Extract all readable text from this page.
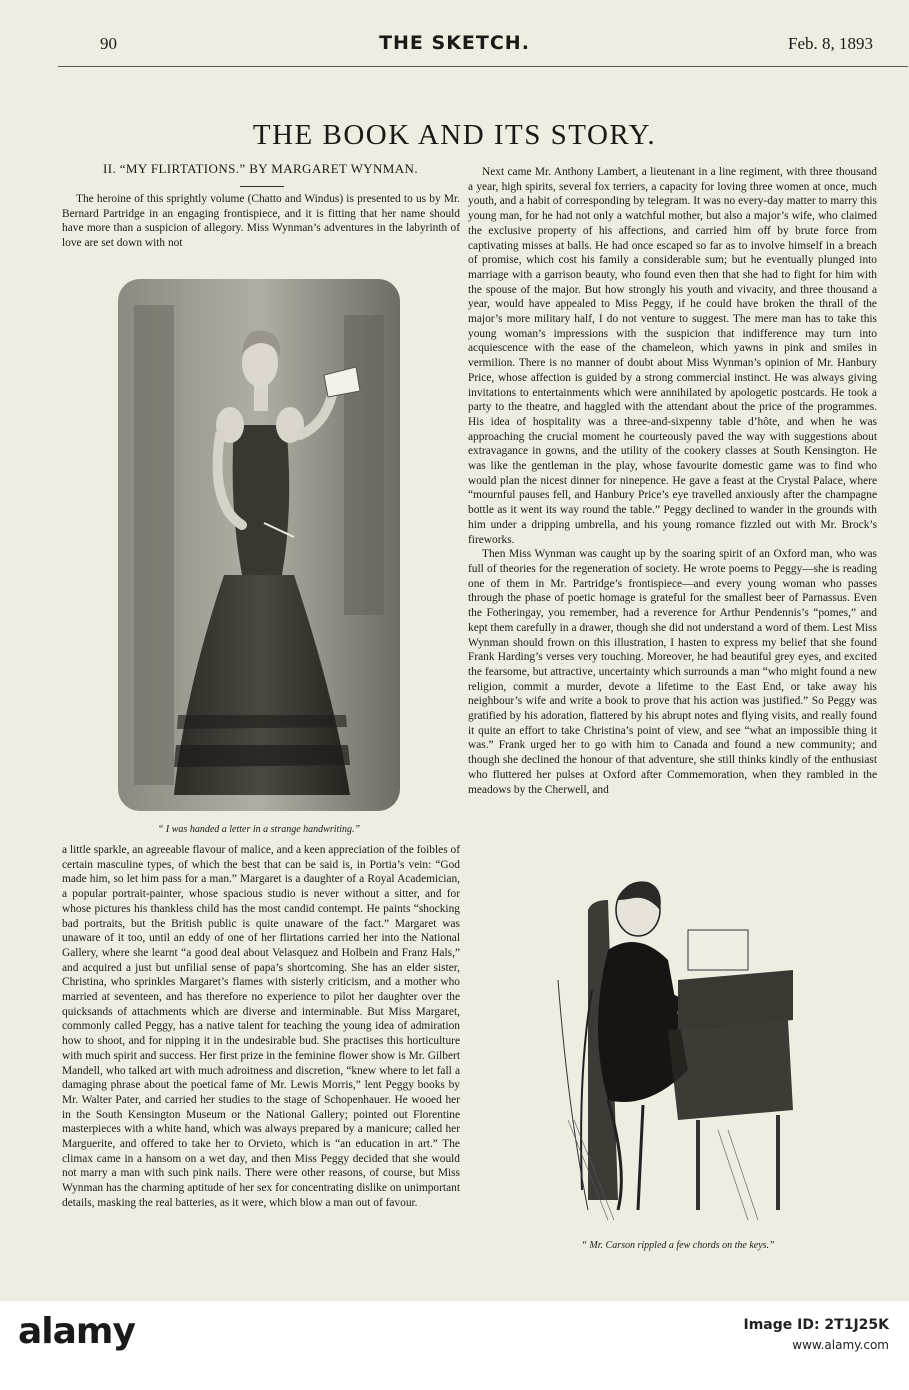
90	THE SKETCH.	Feb. 8, 1893
THE BOOK AND ITS STORY.
II. “MY FLIRTATIONS.” BY MARGARET WYNMAN.

The heroine of this sprightly volume (Chatto and Windus) is presented to us by Mr. Bernard Partridge in an engaging frontispiece, and it is fitting that her name should have more than a suspicion of allegory. Miss Wynman’s adventures in the labyrinth of love are set down with not

“ I was handed a letter in a strange handwriting.”

a little sparkle, an agreeable flavour of malice, and a keen appreciation of the foibles of certain masculine types, of which the best that can be said is, in Portia’s vein: “God made him, so let him pass for a man.” Margaret is a daughter of a Royal Academician, a popular portrait-painter, whose spacious studio is never without a sitter, and for whose pictures his thankless child has the most candid contempt. He paints “shocking bad portraits, but the British public is quite unaware of the fact.” Margaret was unaware of it too, until an eddy of one of her flirtations carried her into the National Gallery, where she learnt “a good deal about Velasquez and Holbein and Franz Hals,” and acquired a just but unfilial sense of papa’s shortcoming. She has an elder sister, Christina, who sprinkles Margaret’s flames with sisterly criticism, and a mother who married at seventeen, and has therefore no experience to pilot her daughter over the quicksands of attachments which are diverse and interminable. But Miss Margaret, commonly called Peggy, has a native talent for teaching the young idea of admiration how to shoot, and for nipping it in the undesirable bud. She practises this horticulture with much spirit and success. Her first prize in the feminine flower show is Mr. Gilbert Mandell, who talked art with much adroitness and discretion, “knew where to let fall a damaging phrase about the poetical fame of Mr. Lewis Morris,” lent Peggy books by Mr. Walter Pater, and carried her studies to the stage of Schopenhauer. He wooed her in the South Kensington Museum or the National Gallery; pointed out Florentine masterpieces with a white hand, which was always prepared by a manicure; called her Marguerite, and offered to take her to Orvieto, which is “an education in art.” The climax came in a hansom on a wet day, and then Miss Peggy decided that she would not marry a man with such pink nails. There were other reasons, of course, but Miss Wynman has the charming aptitude of her sex for concentrating dislike on unimportant details, masking the real batteries, as it were, which blow a man out of favour.

Next came Mr. Anthony Lambert, a lieutenant in a line regiment, with three thousand a year, high spirits, several fox terriers, a capacity for loving three women at once, much youth, and a habit of corresponding by telegram. It was no every-day matter to marry this young man, for he had not only a watchful mother, but also a major’s wife, who claimed the exclusive property of his affections, and carried him off by brute force from captivating misses at balls. He had once escaped so far as to involve himself in a breach of promise, which cost his family a considerable sum; but he eventually plunged into marriage with a garrison beauty, who found even then that she had to fight for him with the spouse of the major. But how strongly his youth and vivacity, and three thousand a year, would have appealed to Miss Peggy, if he could have broken the thrall of the major’s more military half, I do not venture to suggest. The mere man has to take this young woman’s impressions with the suspicion that indifference may turn into acquiescence with the ease of the chameleon, which yawns in pink and smiles in vermilion. There is no manner of doubt about Miss Wynman’s opinion of Mr. Hanbury Price, whose affection is guided by a strong commercial instinct. He was always giving invitations to entertainments which were annihilated by apologetic postcards. He took a party to the theatre, and haggled with the attendant about the price of the programmes. His idea of hospitality was a three-and-sixpenny table d’hôte, and when he was approaching the crucial moment he courteously paved the way with suggestions about extravagance in gowns, and the utility of the cookery classes at South Kensington. He was like the gentleman in the play, whose favourite domestic game was to find who would plan the nicest dinner for ninepence. He gave a feast at the Crystal Palace, where “mournful pauses fell, and Hanbury Price’s eye travelled anxiously after the champagne bottle as it went its way round the table.” Peggy declined to wander in the grounds with him under a dripping umbrella, and his young romance fizzled out with Mr. Brock’s fireworks.

Then Miss Wynman was caught up by the soaring spirit of an Oxford man, who was full of theories for the regeneration of society. He wrote poems to Peggy—she is reading one of them in Mr. Partridge’s frontispiece—and every young woman who passes through the phase of poetic homage is grateful for the smallest beer of Parnassus. Even the Fotheringay, you remember, had a reverence for Arthur Pendennis’s “pomes,” and kept them carefully in a drawer, though she did not understand a word of them. Lest Miss Wynman should frown on this illustration, I hasten to express my belief that she found Frank Harding’s verses very touching. Moreover, he had beautiful grey eyes, and excited the fearsome, but attractive, uncertainty which surrounds a man “who might found a new religion, commit a murder, devote a lifetime to the East End, or take away his neighbour’s wife and write a book to prove that his action was justified.” So Peggy was gratified by his adoration, flattered by his abrupt notes and flying visits, and really found it quite an effort to take Christina’s point of view, and see “what an impossible thing it was.” Frank urged her to go with him to Canada and found a new community; and though she declined the honour of that adventure, she still thinks kindly of the enthusiast who fluttered her pulses at Oxford after Commemoration, when they rambled in the meadows by the Cherwell, and

“ Mr. Carson rippled a few chords on the keys.”
alamy	Image ID: 2T1J25K
www.alamy.com
